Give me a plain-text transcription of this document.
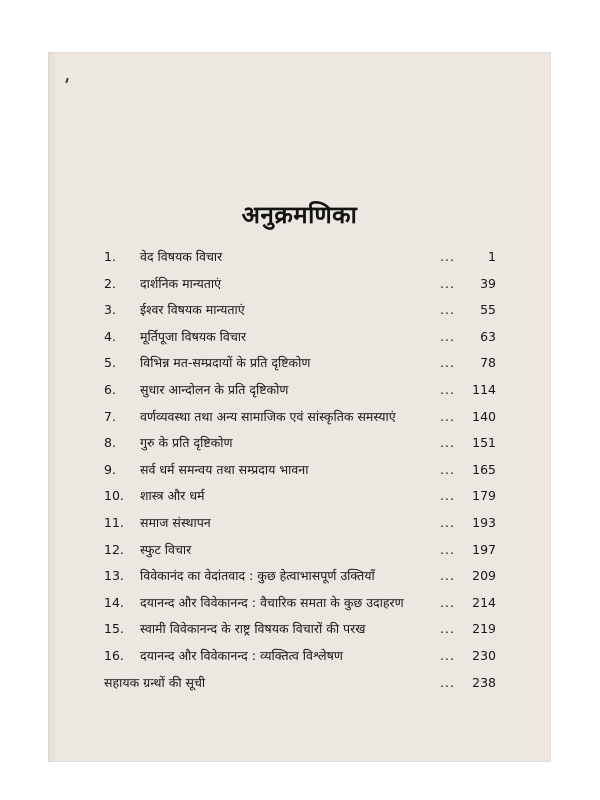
अनुक्रमणिका
1. वेद विषयक विचार	...	1
2. दार्शनिक मान्यताएं	...	39
3. ईश्वर विषयक मान्यताएं	...	55
4. मूर्तिपूजा विषयक विचार	...	63
5. विभिन्न मत-सम्प्रदायों के प्रति दृष्टिकोण	...	78
6. सुधार आन्दोलन के प्रति दृष्टिकोण	...	114
7. वर्णव्यवस्था तथा अन्य सामाजिक एवं सांस्कृतिक समस्याएं	...	140
8. गुरु के प्रति दृष्टिकोण	...	151
9. सर्व धर्म समन्वय तथा सम्प्रदाय भावना	...	165
10. शास्त्र और धर्म	...	179
11. समाज संस्थापन	...	193
12. स्फुट विचार	...	197
13. विवेकानंद का वेदांतवाद : कुछ हेत्वाभासपूर्ण उक्तियाँ	...	209
14. दयानन्द और विवेकानन्द : वैचारिक समता के कुछ उदाहरण	...	214
15. स्वामी विवेकानन्द के राष्ट्र विषयक विचारों की परख	...	219
16. दयानन्द और विवेकानन्द : व्यक्तित्व विश्लेषण	...	230
सहायक ग्रन्थों की सूची	...	238
